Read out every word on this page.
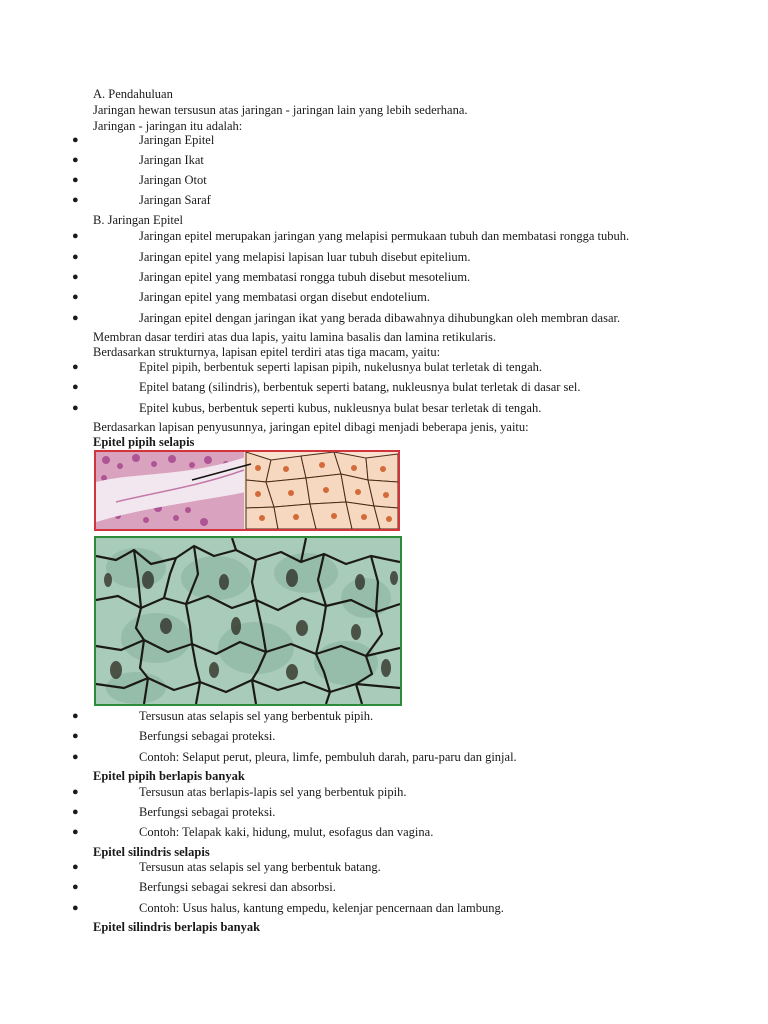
A. Pendahuluan
Jaringan hewan tersusun atas jaringan - jaringan lain yang lebih sederhana.
Jaringan - jaringan itu adalah:
●	Jaringan Epitel
●	Jaringan Ikat
●	Jaringan Otot
●	Jaringan Saraf
B. Jaringan Epitel
●	Jaringan epitel merupakan jaringan yang melapisi permukaan tubuh dan membatasi rongga tubuh.
●	Jaringan epitel yang melapisi lapisan luar tubuh disebut epitelium.
●	Jaringan epitel yang membatasi rongga tubuh disebut mesotelium.
●	Jaringan epitel yang membatasi organ disebut endotelium.
●	Jaringan epitel dengan jaringan ikat yang berada dibawahnya dihubungkan oleh membran dasar.
Membran dasar terdiri atas dua lapis, yaitu lamina basalis dan lamina retikularis.
Berdasarkan strukturnya, lapisan epitel terdiri atas tiga macam, yaitu:
●	Epitel pipih, berbentuk seperti lapisan pipih, nukelusnya bulat terletak di tengah.
●	Epitel batang (silindris), berbentuk seperti batang, nukleusnya bulat terletak di dasar sel.
●	Epitel kubus, berbentuk seperti kubus, nukleusnya bulat besar terletak di tengah.
Berdasarkan lapisan penyusunnya, jaringan epitel dibagi menjadi beberapa jenis, yaitu:
Epitel pipih selapis
●	Tersusun atas selapis sel yang berbentuk pipih.
●	Berfungsi sebagai proteksi.
●	Contoh: Selaput perut, pleura, limfe, pembuluh darah, paru-paru dan ginjal.
Epitel pipih berlapis banyak
●	Tersusun atas berlapis-lapis sel yang berbentuk pipih.
●	Berfungsi sebagai proteksi.
●	Contoh: Telapak kaki, hidung, mulut, esofagus dan vagina.
Epitel silindris selapis
●	Tersusun atas selapis sel yang berbentuk batang.
●	Berfungsi sebagai sekresi dan absorbsi.
●	Contoh: Usus halus, kantung empedu, kelenjar pencernaan dan lambung.
Epitel silindris berlapis banyak
